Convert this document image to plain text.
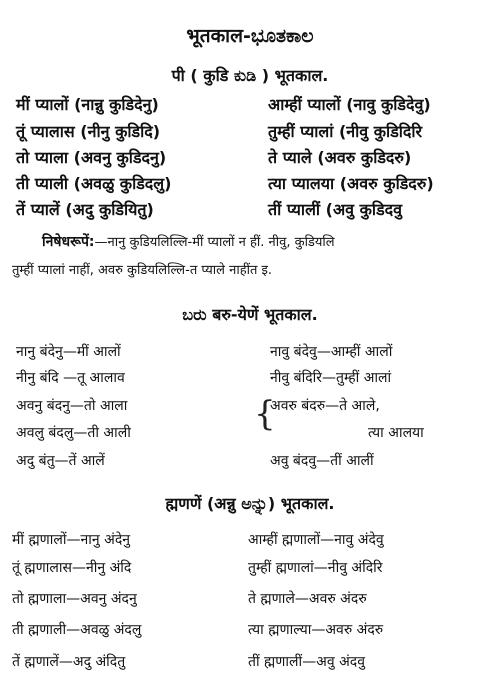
भूतकाल-ಭೂತಕಾಲ
पी ( कुडि ಕುಡಿ ) भूतकाल.
मीं प्यालों (नान्नु कुडिदेनु)	आम्हीं प्यालों (नावु कुडिदेवु)
तूं प्यालास (नीनु कुडिदि)	तुम्हीं प्यालां (नीवु कुडिदिरि
तो प्याला (अवनु कुडिदनु)	ते प्याले (अवरु कुडिदरु)
ती प्याली (अवळु कुडिदलु)	त्या प्यालया (अवरु कुडिदरु)
तें प्यालें (अदु कुडियितु)	तीं प्यालीं (अवु कुडिदवु
निषेधरूपें:—नानु कुडियलिल्लि-मीं प्यालों न हीं. नीवु, कुडियलि
तुम्हीं प्यालां नाहीं, अवरु कुडियलिल्लि-त प्याले नाहींत इ.
ಬರು बरु-येणें भूतकाल.
नानु बंदेनु—मीं आलों	नावु बंदेवु—आम्हीं आलों
नीनु बंदि —तू आलाव	नीवु बंदिरि—तुम्हीं आलां
अवनु बंदनु—तो आला	अवरु बंदरु—ते आले,
अवलु बंदलु—ती आली	त्या आलया
{
अदु बंतु—तें आलें	अवु बंदवु—तीं आलीं
ह्मणणें (अन्नु ಅನ್ನು) भूतकाल.
मीं ह्मणालों—नानु अंदेनु	आम्हीं ह्मणालों—नावु अंदेवु
तूं ह्मणालास—नीनु अंदि	तुम्हीं ह्मणालां—नीवु अंदिरि
तो ह्मणाला—अवनु अंदनु	ते ह्मणाले—अवरु अंदरु
ती ह्मणाली—अवळु अंदलु	त्या ह्मणाल्या—अवरु अंदरु
तें ह्मणालें—अदु अंदितु	तीं ह्मणालीं—अवु अंदवु
